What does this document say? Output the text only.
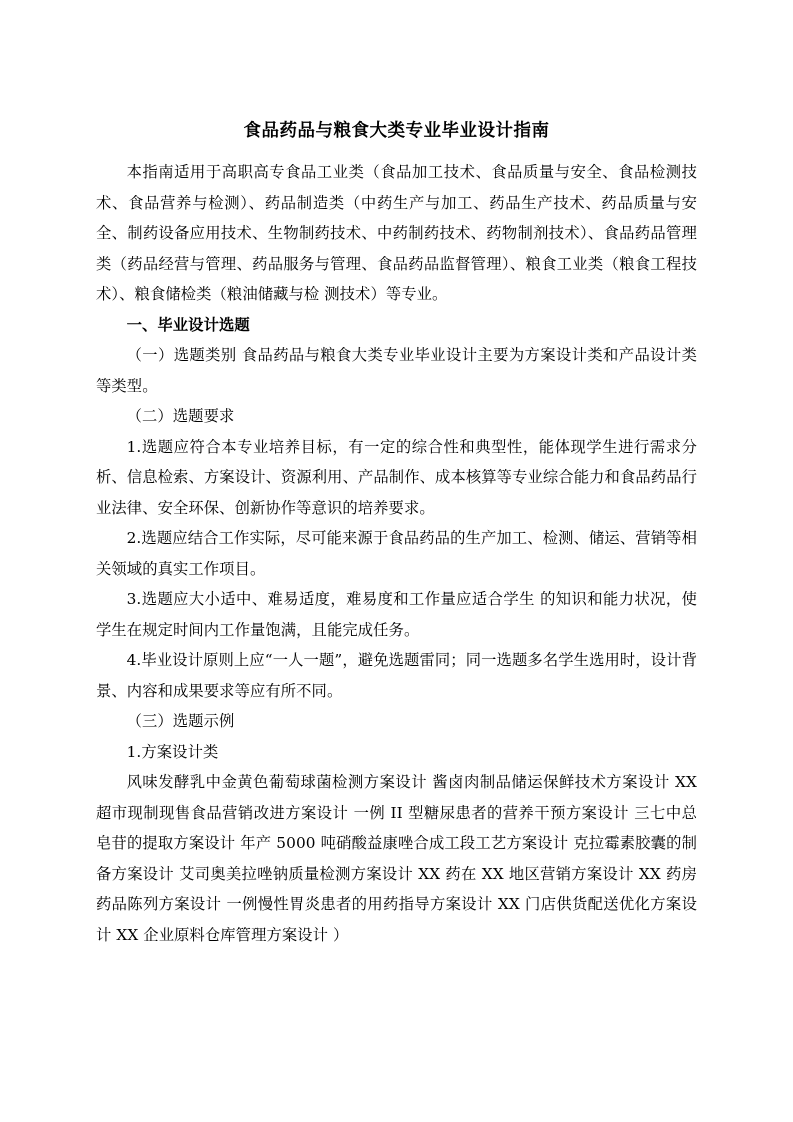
食品药品与粮食大类专业毕业设计指南

本指南适用于高职高专食品工业类（食品加工技术、食品质量与安全、食品检测技术、食品营养与检测）、药品制造类（中药生产与加工、药品生产技术、药品质量与安全、制药设备应用技术、生物制药技术、中药制药技术、药物制剂技术）、食品药品管理类（药品经营与管理、药品服务与管理、食品药品监督管理）、粮食工业类（粮食工程技术）、粮食储检类（粮油储藏与检 测技术）等专业。

一、毕业设计选题

（一）选题类别 食品药品与粮食大类专业毕业设计主要为方案设计类和产品设计类等类型。

（二）选题要求

1.选题应符合本专业培养目标，有一定的综合性和典型性，能体现学生进行需求分析、信息检索、方案设计、资源利用、产品制作、成本核算等专业综合能力和食品药品行业法律、安全环保、创新协作等意识的培养要求。

2.选题应结合工作实际，尽可能来源于食品药品的生产加工、检测、储运、营销等相关领域的真实工作项目。

3.选题应大小适中、难易适度，难易度和工作量应适合学生 的知识和能力状况，使学生在规定时间内工作量饱满，且能完成任务。

4.毕业设计原则上应“一人一题”，避免选题雷同；同一选题多名学生选用时，设计背景、内容和成果要求等应有所不同。

（三）选题示例

1.方案设计类

风味发酵乳中金黄色葡萄球菌检测方案设计 酱卤肉制品储运保鲜技术方案设计 XX 超市现制现售食品营销改进方案设计 一例 II 型糖尿患者的营养干预方案设计 三七中总皂苷的提取方案设计 年产 5000 吨硝酸益康唑合成工段工艺方案设计 克拉霉素胶囊的制备方案设计 艾司奥美拉唑钠质量检测方案设计 XX 药在 XX 地区营销方案设计 XX 药房药品陈列方案设计 一例慢性胃炎患者的用药指导方案设计 XX 门店供货配送优化方案设计 XX 企业原料仓库管理方案设计 ）
